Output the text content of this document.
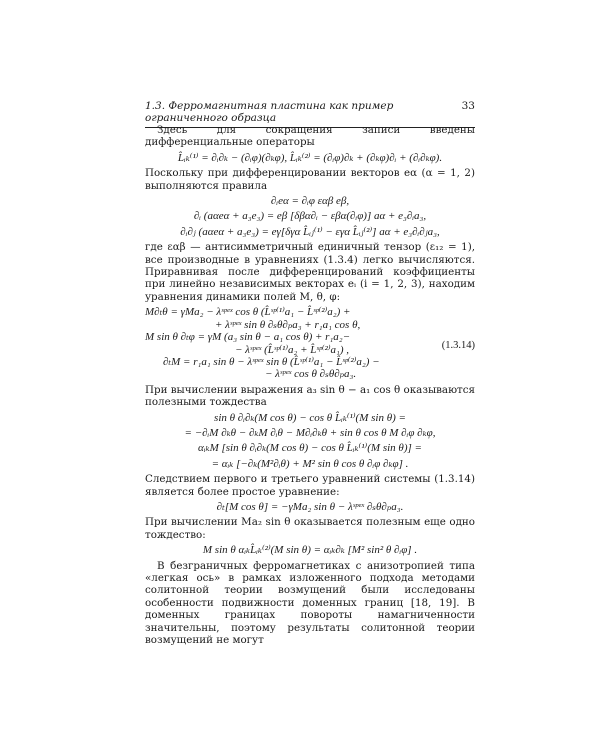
1.3. Ферромагнитная пластина как пример ограниченного образца
33

Здесь для сокращения записи введены дифференциальные операторы

L̂ᵢₖ⁽¹⁾ = ∂ᵢ∂ₖ − (∂ᵢφ)(∂ₖφ), L̂ᵢₖ⁽²⁾ = (∂ᵢφ)∂ₖ + (∂ₖφ)∂ᵢ + (∂ᵢ∂ₖφ).

Поскольку при дифференцировании векторов eα (α = 1, 2) выполняются правила

∂ᵢeα = ∂ᵢφ εαβ eβ,

∂ᵢ (aαeα + a₃e₃) = eβ [δβα∂ᵢ − εβα(∂ᵢφ)] aα + e₃∂ᵢa₃,

∂ᵢ∂ⱼ (aαeα + a₃e₃) = eγ[δγα L̂ᵢⱼ⁽¹⁾ − εγα L̂ᵢⱼ⁽²⁾] aα + e₃∂ᵢ∂ⱼa₃,

где εαβ — антисимметричный единичный тензор (ε₁₂ = 1), все производные в уравнениях (1.3.4) легко вычисляются. Приравнивая после дифференцирований коэффициенты при линейно независимых векторах eᵢ (i = 1, 2, 3), находим уравнения динамики полей M, θ, φ:

M∂ₜθ = γMa₂ − λˢᵖᵉˣ cos θ (L̂ˢᵖ⁽¹⁾a₁ − L̂ˢᵖ⁽²⁾a₂) +

+ λˢᵖᵉˣ sin θ ∂ₛθ∂ₚa₃ + r₁a₁ cos θ,

M sin θ ∂ₜφ = γM (a₃ sin θ − a₁ cos θ) + r₁a₂−

− λˢᵖᵉˣ (L̂ˢᵖ⁽¹⁾a₂ + L̂ˢᵖ⁽²⁾a₁) ,

∂ₜM = r₁a₁ sin θ − λˢᵖᵉˣ sin θ (L̂ˢᵖ⁽¹⁾a₁ − L̂ˢᵖ⁽²⁾a₂) −

− λˢᵖᵉˣ cos θ ∂ₛθ∂ₚa₃.

(1.3.14)

При вычислении выражения a₃ sin θ − a₁ cos θ оказываются полезными тождества

sin θ ∂ᵢ∂ₖ(M cos θ) − cos θ L̂ᵢₖ⁽¹⁾(M sin θ) =

= −∂ᵢM ∂ₖθ − ∂ₖM ∂ᵢθ − M∂ᵢ∂ₖθ + sin θ cos θ M ∂ᵢφ ∂ₖφ,

αᵢₖM [sin θ ∂ᵢ∂ₖ(M cos θ) − cos θ L̂ᵢₖ⁽¹⁾(M sin θ)] =

= αᵢₖ [−∂ₖ(M²∂ᵢθ) + M² sin θ cos θ ∂ᵢφ ∂ₖφ] .

Следствием первого и третьего уравнений системы (1.3.14) является более простое уравнение:

∂ₜ[M cos θ] = −γMa₂ sin θ − λˢᵖᵉˣ ∂ₛθ∂ₚa₃.

При вычислении Ma₂ sin θ оказывается полезным еще одно тождество:

M sin θ αᵢₖL̂ᵢₖ⁽²⁾(M sin θ) = αᵢₖ∂ₖ [M² sin² θ ∂ᵢφ] .

В безграничных ферромагнетиках с анизотропией типа «легкая ось» в рамках изложенного подхода методами солитонной теории возмущений были исследованы особенности подвижности доменных границ [18, 19]. В доменных границах повороты намагниченности значительны, поэтому результаты солитонной теории возмущений не могут
